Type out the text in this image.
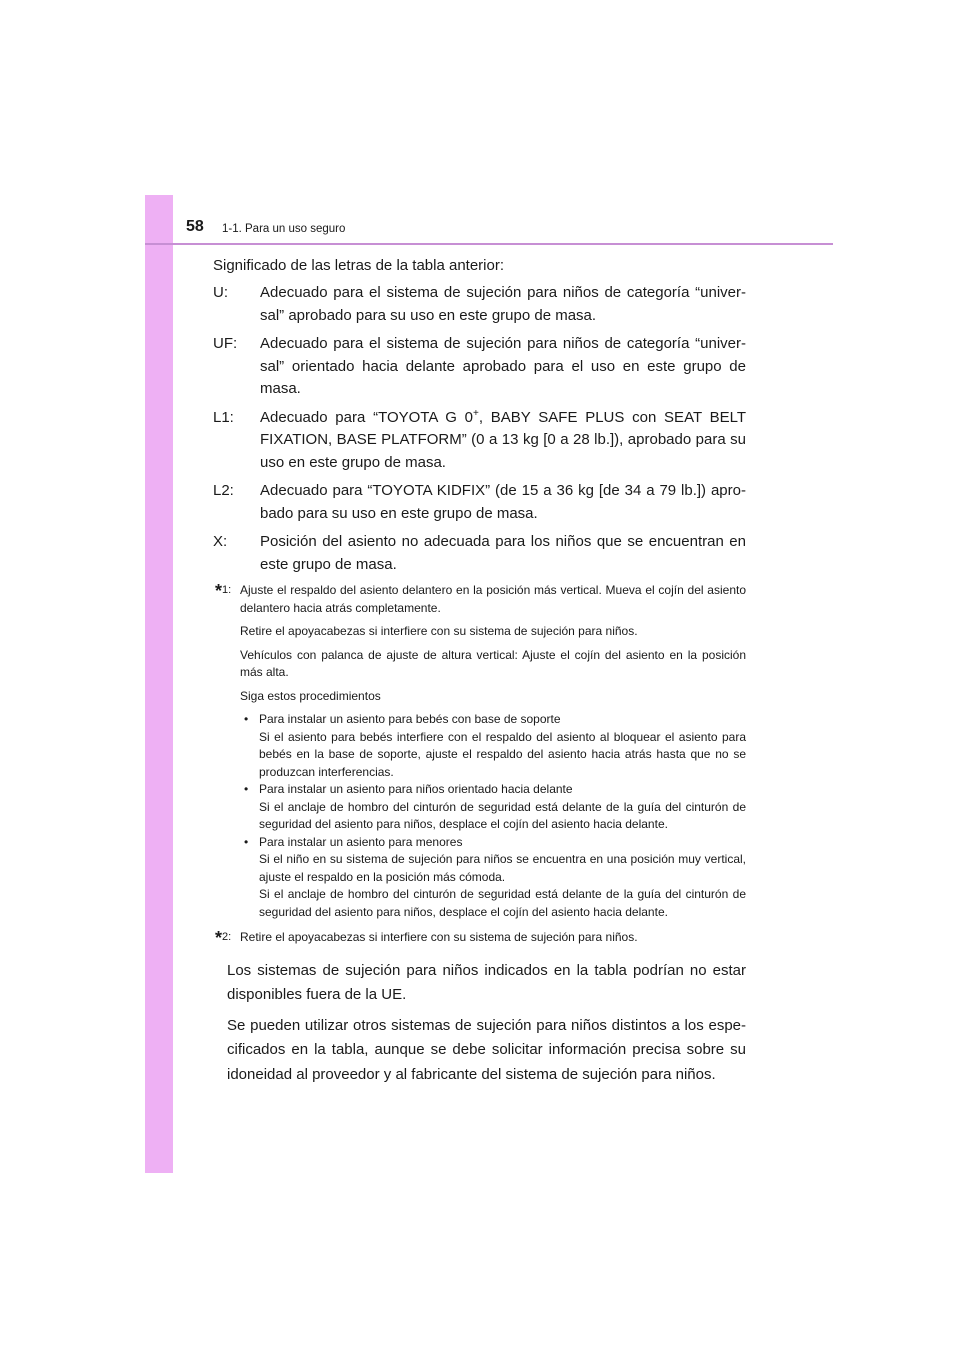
58 1-1. Para un uso seguro
Significado de las letras de la tabla anterior:
U:	Adecuado para el sistema de sujeción para niños de categoría “univer-sal” aprobado para su uso en este grupo de masa.
UF:	Adecuado para el sistema de sujeción para niños de categoría “univer-sal” orientado hacia delante aprobado para el uso en este grupo de masa.
L1:	Adecuado para “TOYOTA G 0+, BABY SAFE PLUS con SEAT BELT FIXATION, BASE PLATFORM” (0 a 13 kg [0 a 28 lb.]), aprobado para su uso en este grupo de masa.
L2:	Adecuado para “TOYOTA KIDFIX” (de 15 a 36 kg [de 34 a 79 lb.]) apro-bado para su uso en este grupo de masa.
X:	Posición del asiento no adecuada para los niños que se encuentran en este grupo de masa.
*1: Ajuste el respaldo del asiento delantero en la posición más vertical. Mueva el cojín del asiento delantero hacia atrás completamente.

Retire el apoyacabezas si interfiere con su sistema de sujeción para niños.

Vehículos con palanca de ajuste de altura vertical: Ajuste el cojín del asiento en la posición más alta.

Siga estos procedimientos

• Para instalar un asiento para bebés con base de soporte
Si el asiento para bebés interfiere con el respaldo del asiento al bloquear el asiento para bebés en la base de soporte, ajuste el respaldo del asiento hacia atrás hasta que no se produzcan interferencias.
• Para instalar un asiento para niños orientado hacia delante
Si el anclaje de hombro del cinturón de seguridad está delante de la guía del cinturón de seguridad del asiento para niños, desplace el cojín del asiento hacia delante.
• Para instalar un asiento para menores
Si el niño en su sistema de sujeción para niños se encuentra en una posición muy vertical, ajuste el respaldo en la posición más cómoda.
Si el anclaje de hombro del cinturón de seguridad está delante de la guía del cinturón de seguridad del asiento para niños, desplace el cojín del asiento hacia delante.
*2: Retire el apoyacabezas si interfiere con su sistema de sujeción para niños.

Los sistemas de sujeción para niños indicados en la tabla podrían no estar disponibles fuera de la UE.

Se pueden utilizar otros sistemas de sujeción para niños distintos a los espe-cificados en la tabla, aunque se debe solicitar información precisa sobre su idoneidad al proveedor y al fabricante del sistema de sujeción para niños.
